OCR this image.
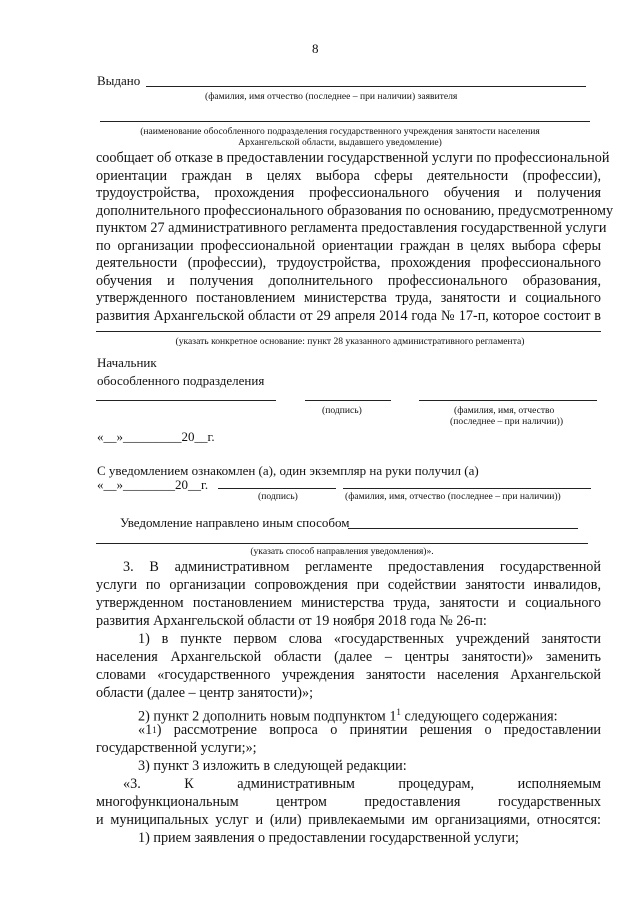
8
Выдано
(фамилия, имя отчество (последнее – при наличии) заявителя
(наименование обособленного подразделения государственного учреждения занятости населения
Архангельской области, выдавшего уведомление)
сообщает об отказе в предоставлении государственной услуги по профессиональной
ориентации граждан в целях выбора сферы деятельности (профессии),
трудоустройства, прохождения профессионального обучения и получения
дополнительного профессионального образования по основанию, предусмотренному
пунктом 27 административного регламента предоставления государственной услуги
по организации профессиональной ориентации граждан в целях выбора сферы
деятельности (профессии), трудоустройства, прохождения профессионального
обучения и получения дополнительного профессионального образования,
утвержденного постановлением министерства труда, занятости и социального
развития Архангельской области от 29 апреля 2014 года № 17-п, которое состоит в
(указать конкретное основание: пункт 28 указанного административного регламента)
Начальник
обособленного подразделения
(подпись)	(фамилия, имя, отчество
(последнее – при наличии))
«__»_________20__г.
С уведомлением ознакомлен (а), один экземпляр на руки получил (а)
«__»________20__г.
(подпись)	(фамилия, имя, отчество (последнее – при наличии))
Уведомление направлено иным способом
(указать способ направления уведомления)».
3. В административном регламенте предоставления государственной
услуги по организации сопровождения при содействии занятости инвалидов,
утвержденном постановлением министерства труда, занятости и социального
развития Архангельской области от 19 ноября 2018 года № 26-п:
1) в пункте первом слова «государственных учреждений занятости
населения Архангельской области (далее – центры занятости)» заменить
словами «государственного учреждения занятости населения Архангельской
области (далее – центр занятости)»;
2) пункт 2 дополнить новым подпунктом $1^1$ следующего содержания:
«1 1 ) рассмотрение вопроса о принятии решения о предоставлении
государственной услуги;»;
3) пункт 3 изложить в следующей редакции:
«3. К административным процедурам, исполняемым
многофункциональным центром предоставления государственных
и муниципальных услуг и (или) привлекаемыми им организациями, относятся:
1) прием заявления о предоставлении государственной услуги;
